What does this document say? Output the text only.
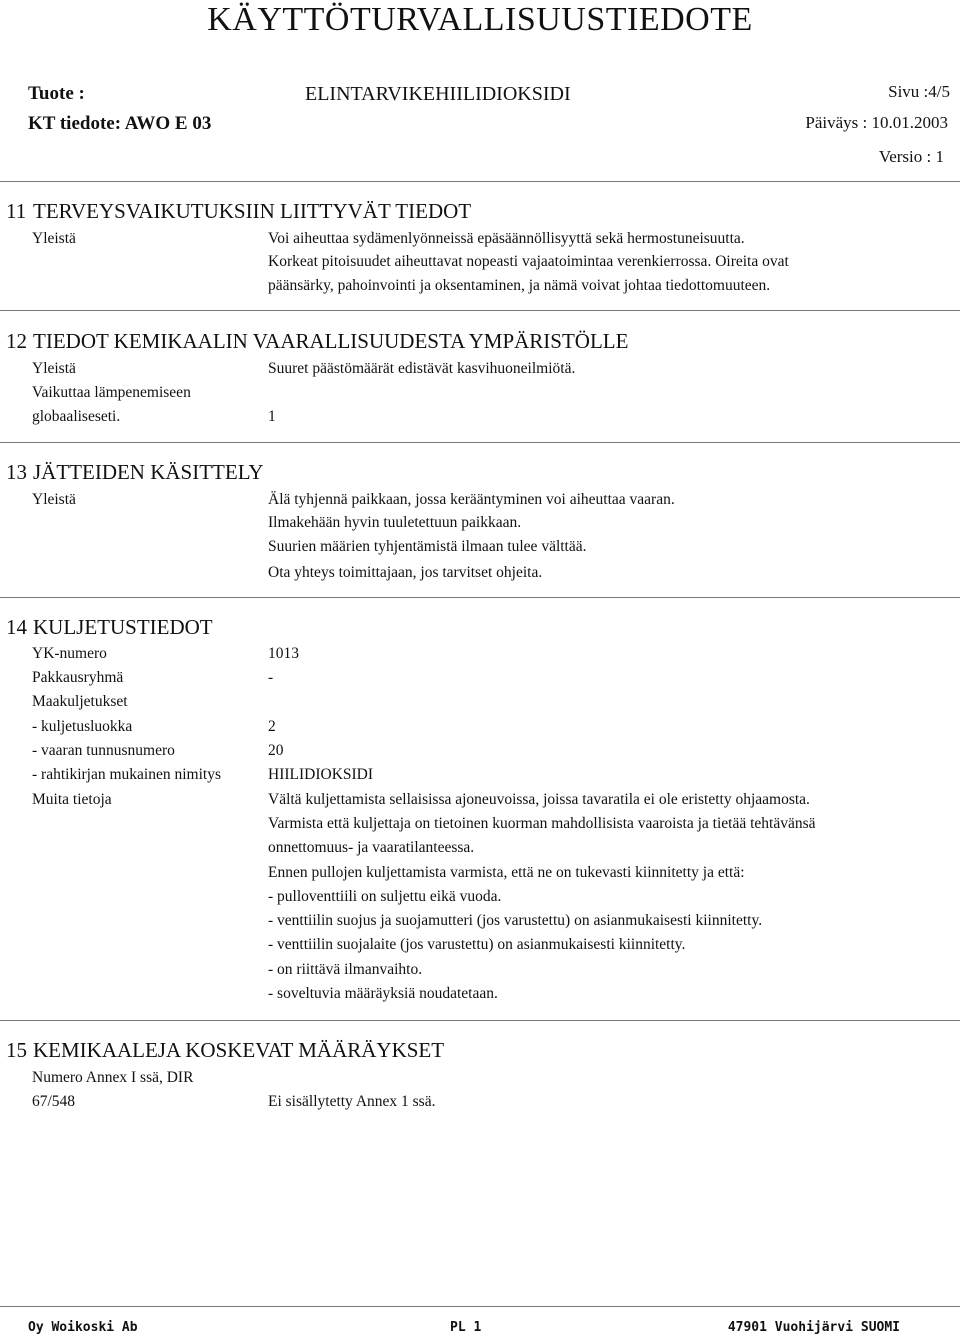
KÄYTTÖTURVALLISUUSTIEDOTE
Tuote :	ELINTARVIKEHIILIDIOKSIDI	Sivu :4/5
KT tiedote: AWO E 03	Päiväys : 10.01.2003
Versio : 1
11 TERVEYSVAIKUTUKSIIN LIITTYVÄT TIEDOT
Yleistä	Voi aiheuttaa sydämenlyönneissä epäsäännöllisyyttä sekä hermostuneisuutta.
Korkeat pitoisuudet aiheuttavat nopeasti vajaatoimintaa verenkierrossa. Oireita ovat
päänsärky, pahoinvointi ja oksentaminen, ja nämä voivat johtaa tiedottomuuteen.
12 TIEDOT KEMIKAALIN VAARALLISUUDESTA YMPÄRISTÖLLE
Yleistä	Suuret päästömäärät edistävät kasvihuoneilmiötä.
Vaikuttaa lämpenemiseen
globaaliseseti.	1
13 JÄTTEIDEN KÄSITTELY
Yleistä	Älä tyhjennä paikkaan, jossa kerääntyminen voi aiheuttaa vaaran.
Ilmakehään hyvin tuuletettuun paikkaan.
Suurien määrien tyhjentämistä ilmaan tulee välttää.
Ota yhteys toimittajaan, jos tarvitset ohjeita.
14 KULJETUSTIEDOT
YK-numero	1013
Pakkausryhmä	-
Maakuljetukset
- kuljetusluokka	2
- vaaran tunnusnumero	20
- rahtikirjan mukainen nimitys	HIILIDIOKSIDI
Muita tietoja	Vältä kuljettamista sellaisissa ajoneuvoissa, joissa tavaratila ei ole eristetty ohjaamosta.
Varmista että kuljettaja on tietoinen kuorman mahdollisista vaaroista ja tietää tehtävänsä
onnettomuus- ja vaaratilanteessa.
Ennen pullojen kuljettamista varmista, että ne on tukevasti kiinnitetty ja että:
- pulloventtiili on suljettu eikä vuoda.
- venttiilin suojus ja suojamutteri (jos varustettu) on asianmukaisesti kiinnitetty.
- venttiilin suojalaite (jos varustettu) on asianmukaisesti kiinnitetty.
- on riittävä ilmanvaihto.
- soveltuvia määräyksiä noudatetaan.
15 KEMIKAALEJA KOSKEVAT MÄÄRÄYKSET
Numero Annex I ssä, DIR
67/548	Ei sisällytetty Annex 1 ssä.
Oy Woikoski Ab	PL 1	47901 Vuohijärvi SUOMI
